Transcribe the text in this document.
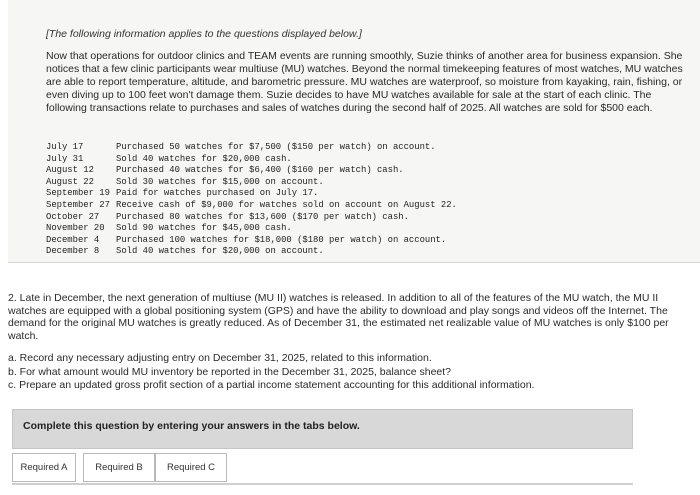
[The following information applies to the questions displayed below.]

Now that operations for outdoor clinics and TEAM events are running smoothly, Suzie thinks of another area for business expansion. She notices that a few clinic participants wear multiuse (MU) watches. Beyond the normal timekeeping features of most watches, MU watches are able to report temperature, altitude, and barometric pressure. MU watches are waterproof, so moisture from kayaking, rain, fishing, or even diving up to 100 feet won't damage them. Suzie decides to have MU watches available for sale at the start of each clinic. The following transactions relate to purchases and sales of watches during the second half of 2025. All watches are sold for $500 each.

July 17	Purchased 50 watches for $7,500 ($150 per watch) on account.
July 31	Sold 40 watches for $20,000 cash.
August 12	Purchased 40 watches for $6,400 ($160 per watch) cash.
August 22	Sold 30 watches for $15,000 on account.
September 19	Paid for watches purchased on July 17.
September 27	Receive cash of $9,000 for watches sold on account on August 22.
October 27	Purchased 80 watches for $13,600 ($170 per watch) cash.
November 20	Sold 90 watches for $45,000 cash.
December 4	Purchased 100 watches for $18,000 ($180 per watch) on account.
December 8	Sold 40 watches for $20,000 on account.

2. Late in December, the next generation of multiuse (MU II) watches is released. In addition to all of the features of the MU watch, the MU II watches are equipped with a global positioning system (GPS) and have the ability to download and play songs and videos off the Internet. The demand for the original MU watches is greatly reduced. As of December 31, the estimated net realizable value of MU watches is only $100 per watch.

a. Record any necessary adjusting entry on December 31, 2025, related to this information.
b. For what amount would MU inventory be reported in the December 31, 2025, balance sheet?
c. Prepare an updated gross profit section of a partial income statement accounting for this additional information.
Complete this question by entering your answers in the tabs below.
Required A	Required B	Required C
